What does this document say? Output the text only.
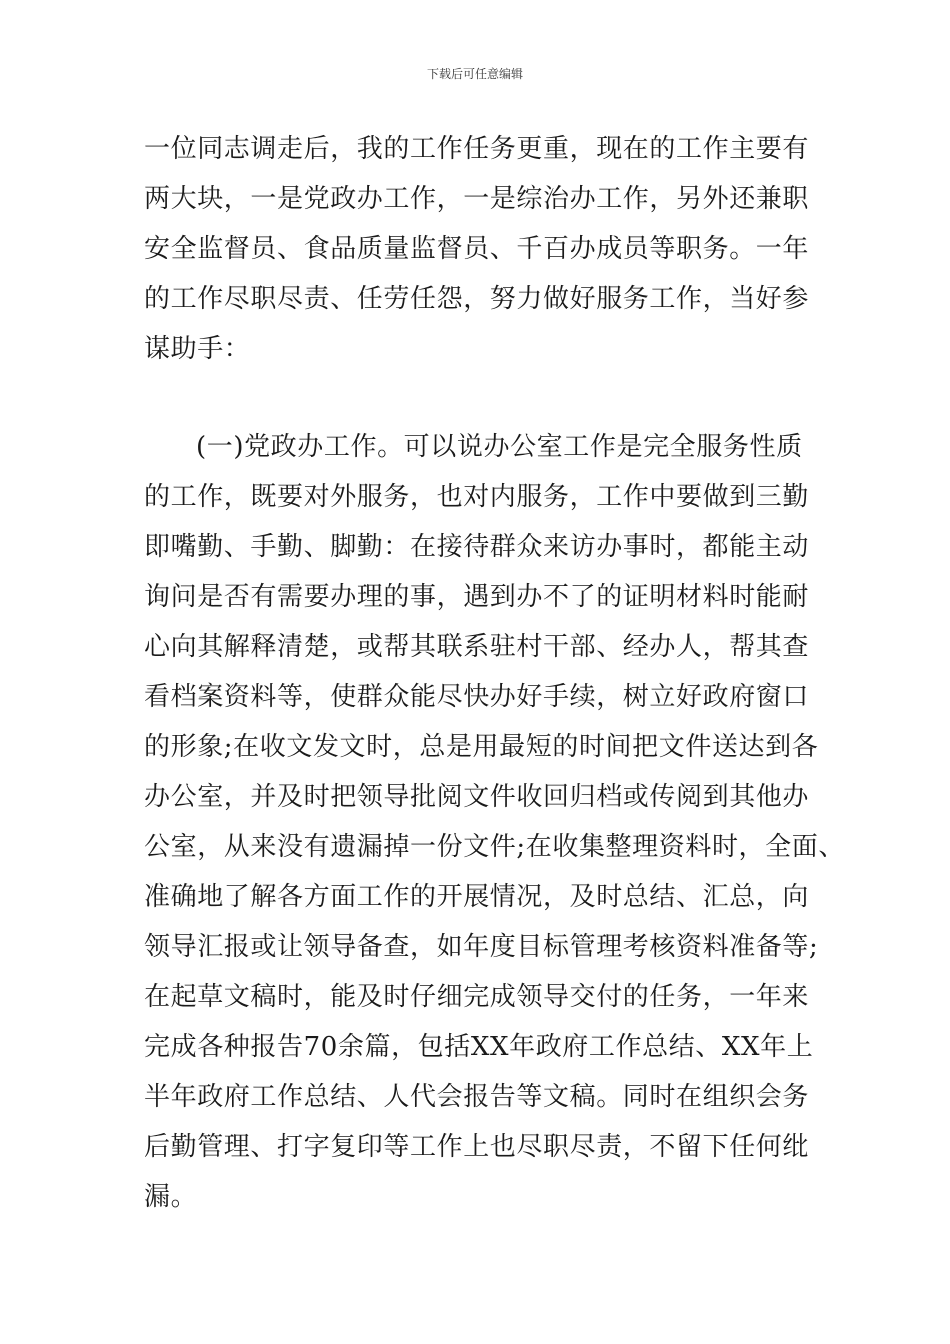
下载后可任意编辑
一位同志调走后，我的工作任务更重，现在的工作主要有
两大块，一是党政办工作，一是综治办工作，另外还兼职
安全监督员、食品质量监督员、千百办成员等职务。一年
的工作尽职尽责、任劳任怨，努力做好服务工作，当好参
谋助手：
(一)党政办工作。可以说办公室工作是完全服务性质
的工作，既要对外服务，也对内服务，工作中要做到三勤
即嘴勤、手勤、脚勤：在接待群众来访办事时，都能主动
询问是否有需要办理的事，遇到办不了的证明材料时能耐
心向其解释清楚，或帮其联系驻村干部、经办人，帮其查
看档案资料等，使群众能尽快办好手续，树立好政府窗口
的形象;在收文发文时，总是用最短的时间把文件送达到各
办公室，并及时把领导批阅文件收回归档或传阅到其他办
公室，从来没有遗漏掉一份文件;在收集整理资料时，全面、
准确地了解各方面工作的开展情况，及时总结、汇总，向
领导汇报或让领导备查，如年度目标管理考核资料准备等;
在起草文稿时，能及时仔细完成领导交付的任务，一年来
完成各种报告70余篇，包括XX年政府工作总结、XX年上
半年政府工作总结、人代会报告等文稿。同时在组织会务
后勤管理、打字复印等工作上也尽职尽责，不留下任何纰
漏。
